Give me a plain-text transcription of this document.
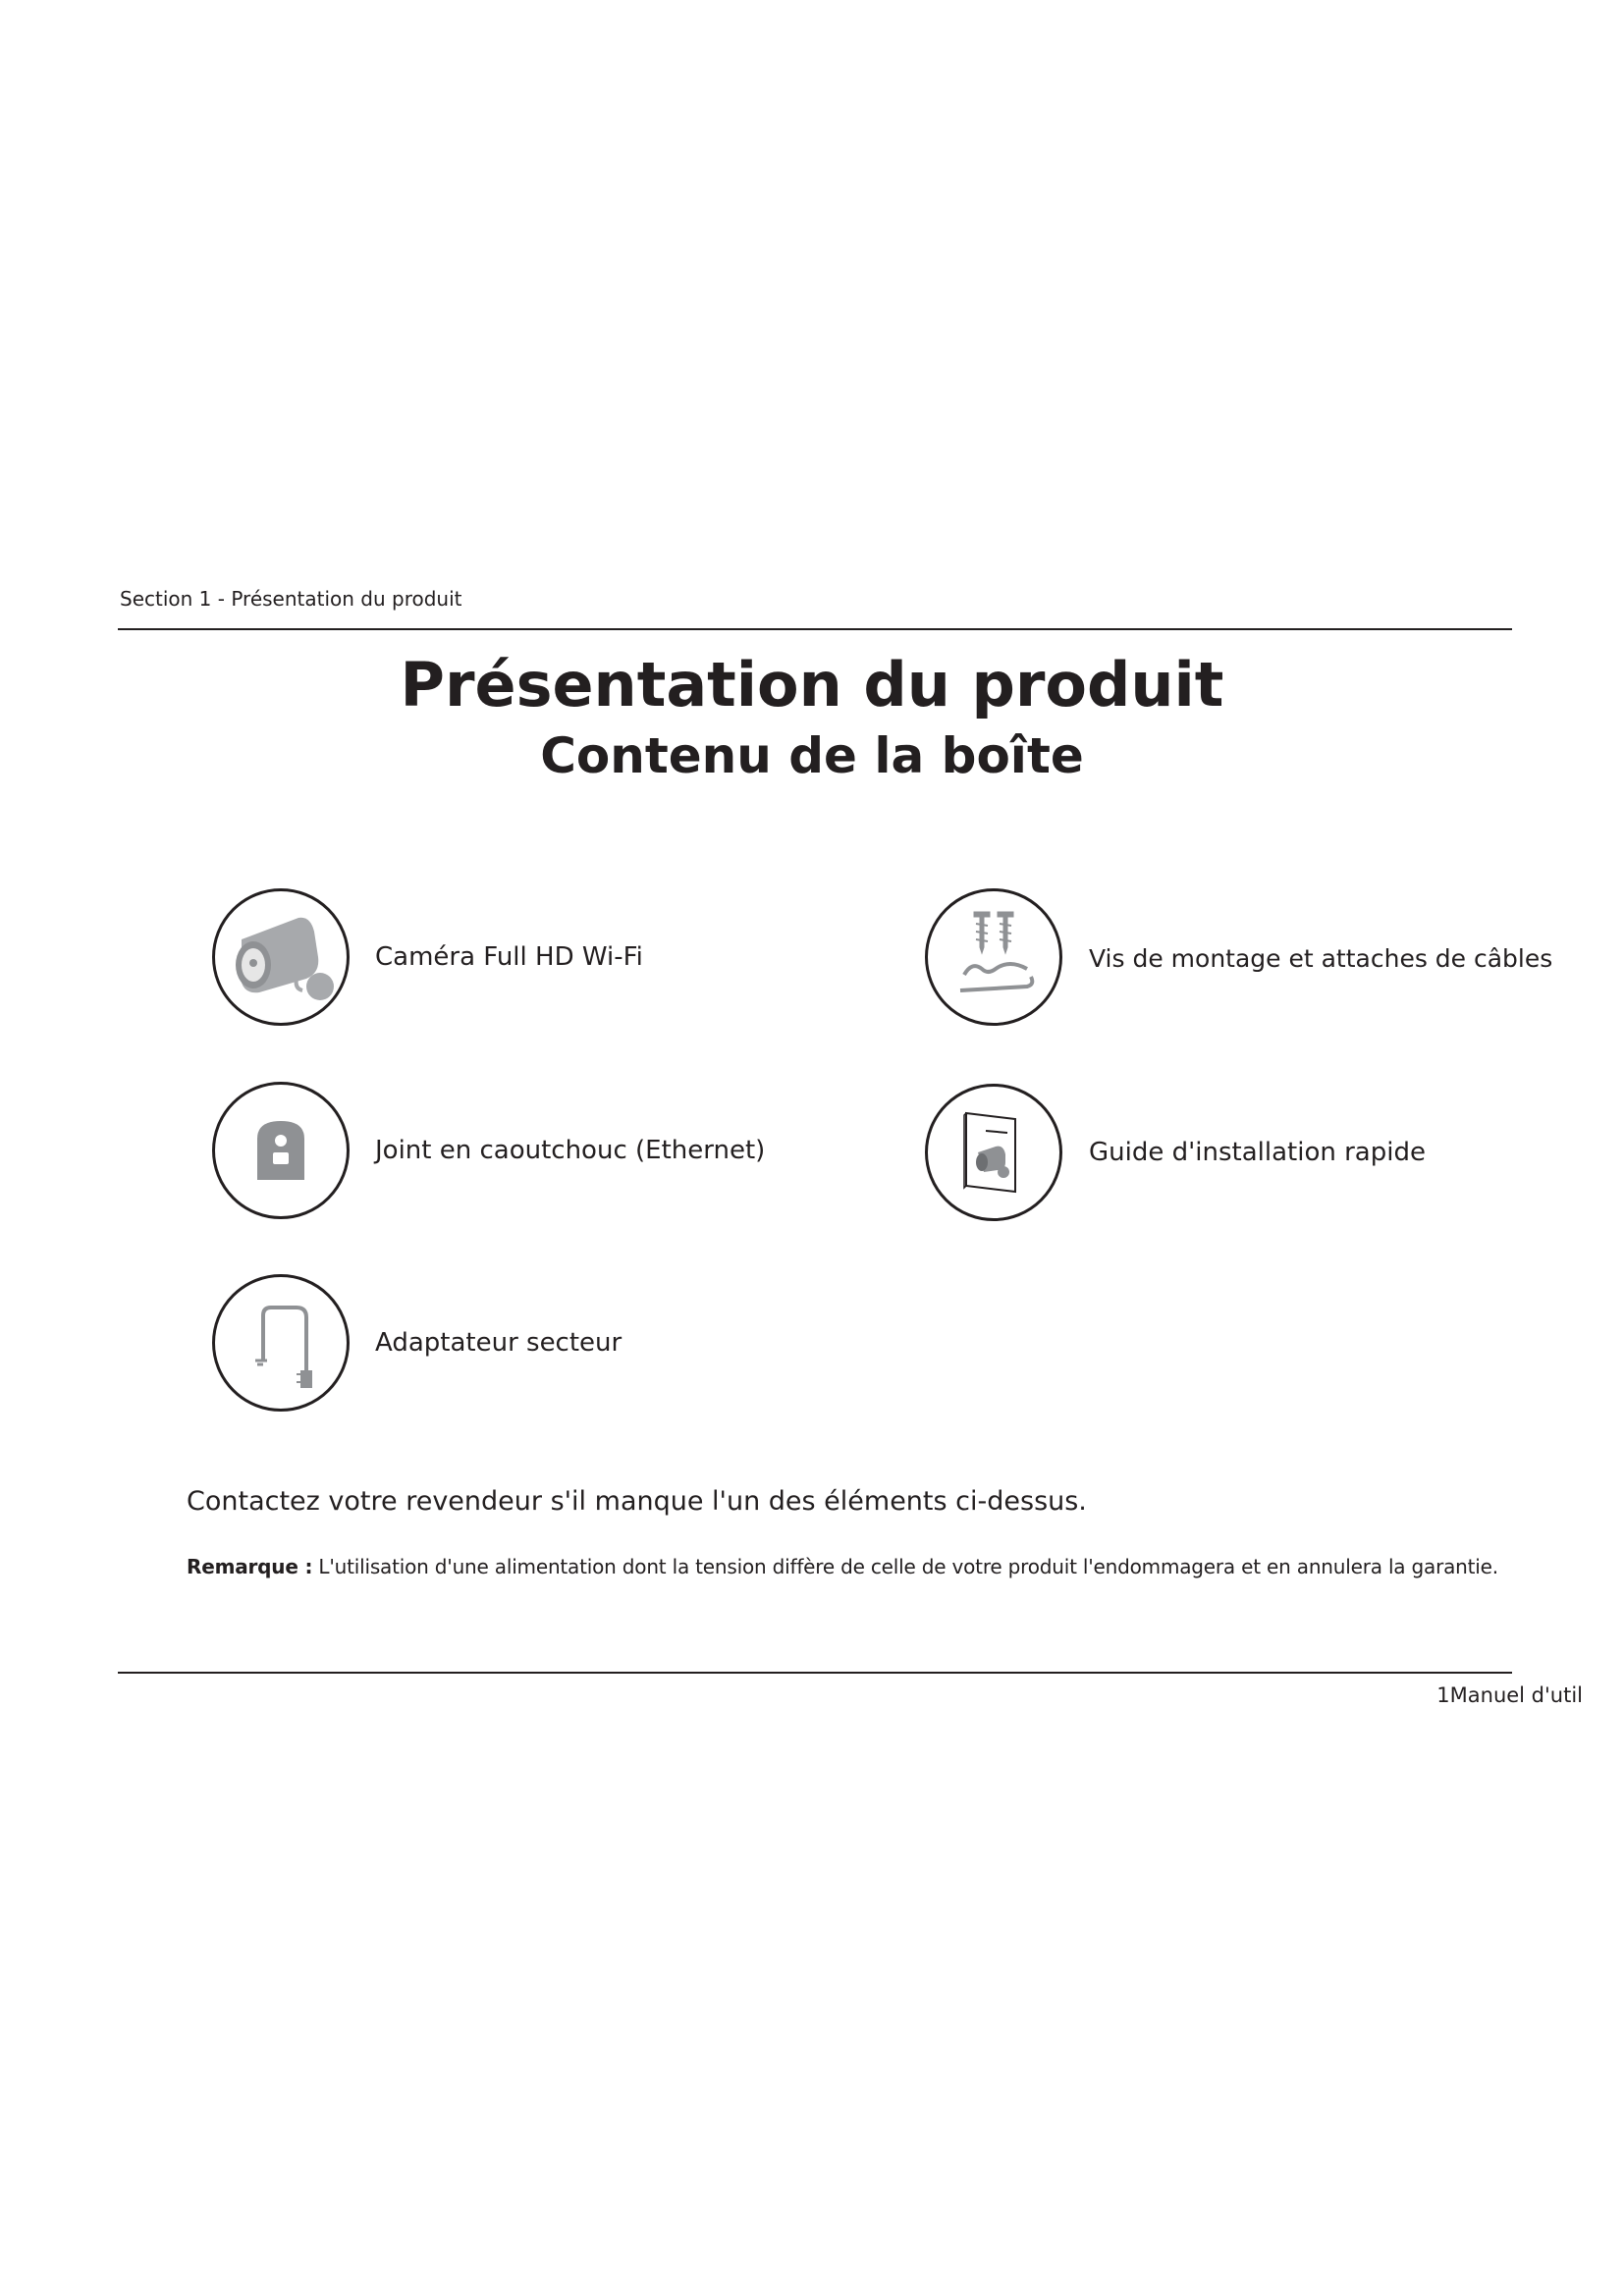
Section 1 - Présentation du produit
Présentation du produit
Contenu de la boîte
Caméra Full HD Wi-Fi	Vis de montage et attaches de câbles
Joint en caoutchouc (Ethernet)	Guide d'installation rapide
Adaptateur secteur
Contactez votre revendeur s'il manque l'un des éléments ci-dessus.
Remarque : L'utilisation d'une alimentation dont la tension diffère de celle de votre produit l'endommagera et en annulera la garantie.
1Manuel d'util
